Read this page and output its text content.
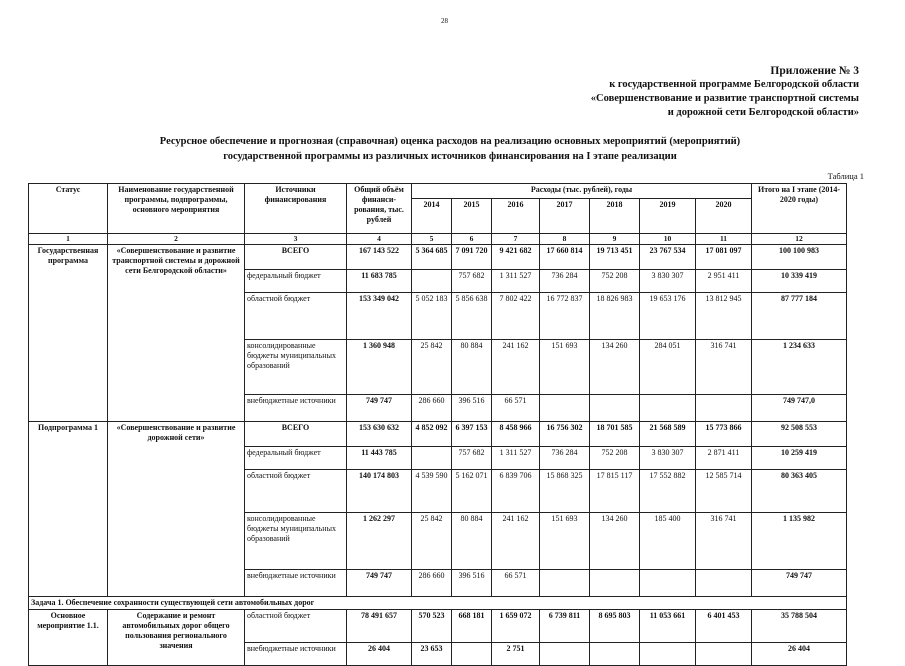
28
Приложение № 3
к государственной программе Белгородской области
«Совершенствование и развитие транспортной системы
и дорожной сети Белгородской области»
Ресурсное обеспечение и прогнозная (справочная) оценка расходов на реализацию основных мероприятий (мероприятий)
государственной программы из различных источников финансирования на I этапе реализации
Таблица 1
Статус	Наименование государственной программы, подпрограммы, основного мероприятия	Источники финансирования	Общий объём финанси-рования, тыс. рублей	Расходы (тыс. рублей), годы							Итого на I этапе (2014-2020 годы)
				2014	2015	2016	2017	2018	2019	2020	
1	2	3	4	5	6	7	8	9	10	11	12
Государственная программа	«Совершенствование и развитие транспортной системы и дорожной сети Белгородской области»	ВСЕГО	167 143 522	5 364 685	7 091 720	9 421 682	17 660 814	19 713 451	23 767 534	17 081 097	100 100 983
		федеральный бюджет	11 683 785		757 682	1 311 527	736 284	752 208	3 830 307	2 951 411	10 339 419
		областной бюджет	153 349 042	5 052 183	5 856 638	7 802 422	16 772 837	18 826 983	19 653 176	13 812 945	87 777 184
		консолидированные бюджеты муниципальных образований	1 360 948	25 842	80 884	241 162	151 693	134 260	284 051	316 741	1 234 633
		внебюджетные источники	749 747	286 660	396 516	66 571					749 747,0
Подпрограмма 1	«Совершенствование и развитие дорожной сети»	ВСЕГО	153 630 632	4 852 092	6 397 153	8 458 966	16 756 302	18 701 585	21 568 589	15 773 866	92 508 553
		федеральный бюджет	11 443 785		757 682	1 311 527	736 284	752 208	3 830 307	2 871 411	10 259 419
		областной бюджет	140 174 803	4 539 590	5 162 071	6 839 706	15 868 325	17 815 117	17 552 882	12 585 714	80 363 405
		консолидированные бюджеты муниципальных образований	1 262 297	25 842	80 884	241 162	151 693	134 260	185 400	316 741	1 135 982
		внебюджетные источники	749 747	286 660	396 516	66 571					749 747
Задача 1. Обеспечение сохранности существующей сети автомобильных дорог											
Основное мероприятие 1.1.	Содержание и ремонт автомобильных дорог общего пользования регионального значения	областной бюджет	78 491 657	570 523	668 181	1 659 072	6 739 811	8 695 803	11 053 661	6 401 453	35 788 504
		внебюджетные источники	26 404	23 653		2 751					26 404
